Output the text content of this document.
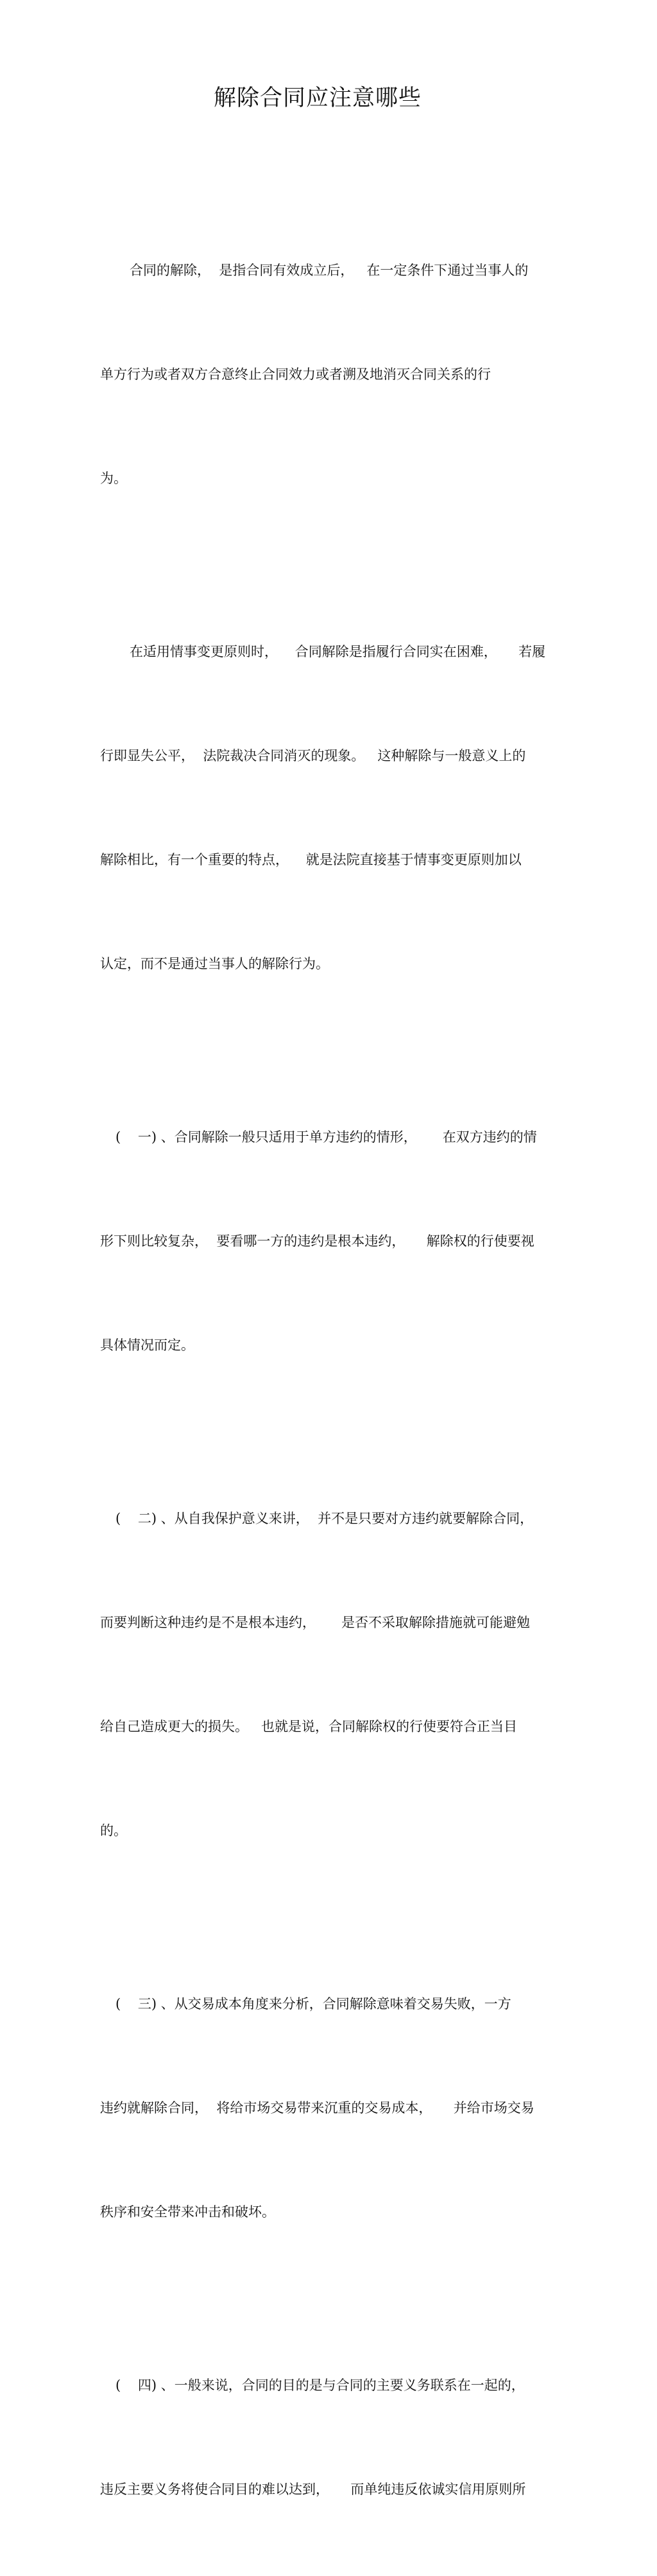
解除合同应注意哪些

合同的解除，  是指合同有效成立后，   在一定条件下通过当事人的

单方行为或者双方合意终止合同效力或者溯及地消灭合同关系的行

为。

在适用情事变更原则时，    合同解除是指履行合同实在困难，     若履

行即显失公平，  法院裁决合同消灭的现象。   这种解除与一般意义上的

解除相比，有一个重要的特点，    就是法院直接基于情事变更原则加以

认定，而不是通过当事人的解除行为。

(    一) 、合同解除一般只适用于单方违约的情形，      在双方违约的情

形下则比较复杂，  要看哪一方的违约是根本违约，     解除权的行使要视

具体情况而定。

(    二) 、从自我保护意义来讲，  并不是只要对方违约就要解除合同，

而要判断这种违约是不是根本违约，      是否不采取解除措施就可能避勉

给自己造成更大的损失。   也就是说，合同解除权的行使要符合正当目

的。

(    三) 、从交易成本角度来分析，合同解除意味着交易失败，一方

违约就解除合同，  将给市场交易带来沉重的交易成本，     并给市场交易

秩序和安全带来冲击和破坏。

(    四) 、一般来说，合同的目的是与合同的主要义务联系在一起的，

违反主要义务将使合同目的难以达到，     而单纯违反依诚实信用原则所
